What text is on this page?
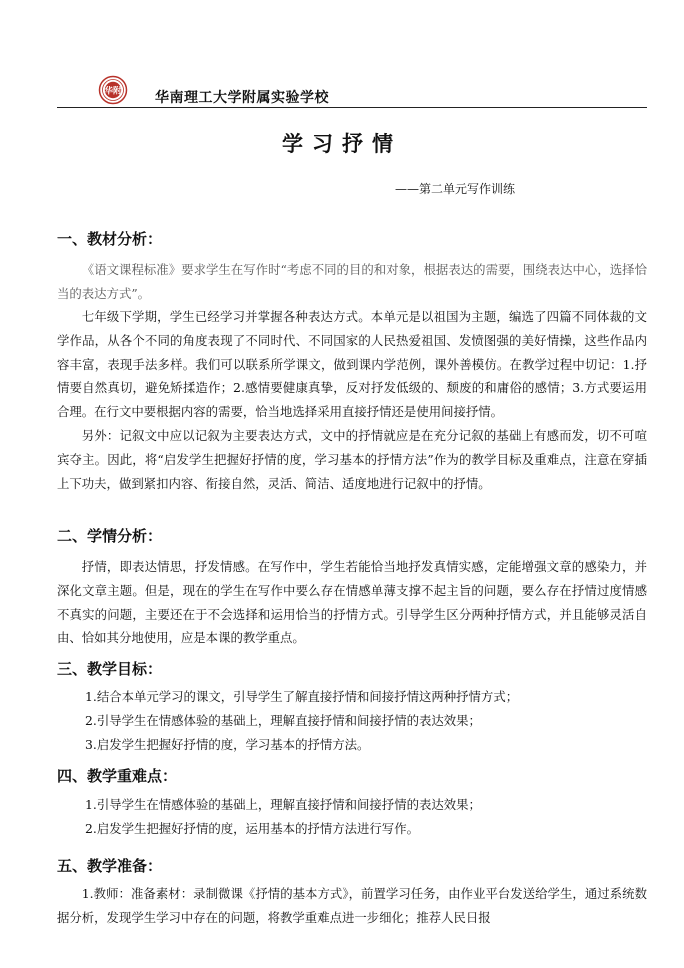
华附 华南理工大学附属实验学校
学习抒情
——第二单元写作训练
一、教材分析：

《语文课程标准》要求学生在写作时“考虑不同的目的和对象，根据表达的需要，围绕表达中心，选择恰当的表达方式”。

七年级下学期，学生已经学习并掌握各种表达方式。本单元是以祖国为主题，编选了四篇不同体裁的文学作品，从各个不同的角度表现了不同时代、不同国家的人民热爱祖国、发愤图强的美好情操，这些作品内容丰富，表现手法多样。我们可以联系所学课文，做到课内学范例，课外善模仿。在教学过程中切记：1.抒情要自然真切，避免矫揉造作；2.感情要健康真挚，反对抒发低级的、颓废的和庸俗的感情；3.方式要运用合理。在行文中要根据内容的需要，恰当地选择采用直接抒情还是使用间接抒情。

另外：记叙文中应以记叙为主要表达方式，文中的抒情就应是在充分记叙的基础上有感而发，切不可喧宾夺主。因此，将“启发学生把握好抒情的度，学习基本的抒情方法”作为的教学目标及重难点，注意在穿插上下功夫，做到紧扣内容、衔接自然，灵活、简洁、适度地进行记叙中的抒情。

二、学情分析：

抒情，即表达情思，抒发情感。在写作中，学生若能恰当地抒发真情实感，定能增强文章的感染力，并深化文章主题。但是，现在的学生在写作中要么存在情感单薄支撑不起主旨的问题，要么存在抒情过度情感不真实的问题，主要还在于不会选择和运用恰当的抒情方式。引导学生区分两种抒情方式，并且能够灵活自由、恰如其分地使用，应是本课的教学重点。

三、教学目标：

1.结合本单元学习的课文，引导学生了解直接抒情和间接抒情这两种抒情方式；

2.引导学生在情感体验的基础上，理解直接抒情和间接抒情的表达效果；

3.启发学生把握好抒情的度，学习基本的抒情方法。

四、教学重难点：

1.引导学生在情感体验的基础上，理解直接抒情和间接抒情的表达效果；

2.启发学生把握好抒情的度，运用基本的抒情方法进行写作。

五、教学准备：

1.教师：准备素材：录制微课《抒情的基本方式》，前置学习任务，由作业平台发送给学生，通过系统数据分析，发现学生学习中存在的问题，将教学重难点进一步细化；推荐人民日报
